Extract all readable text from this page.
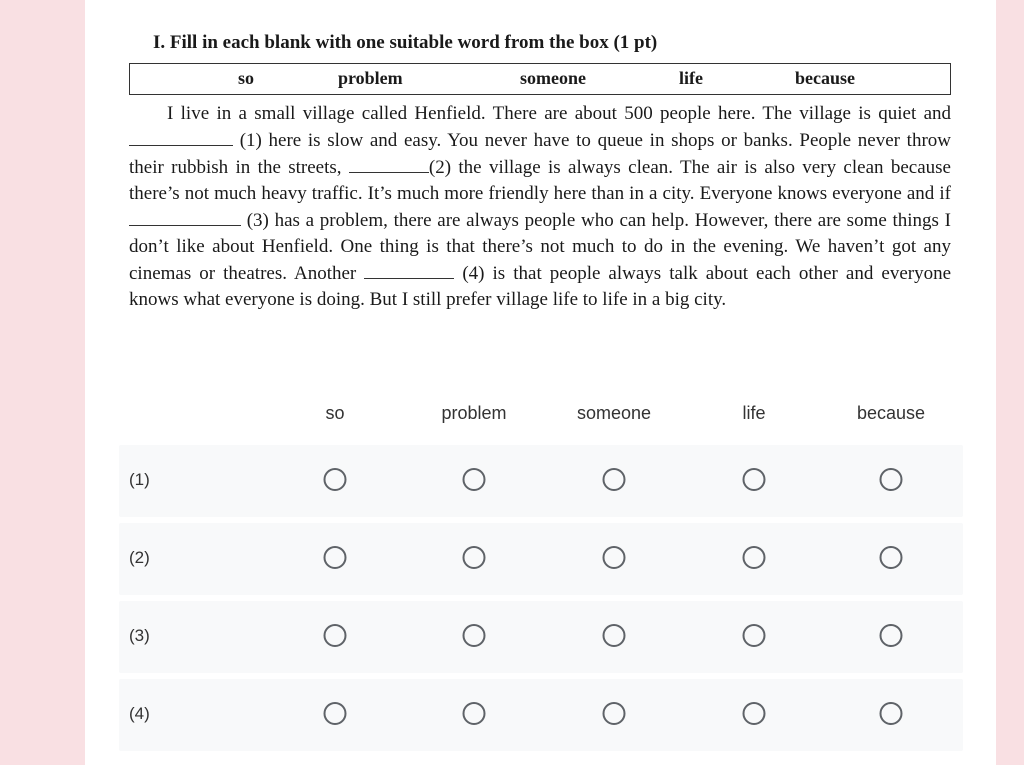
I. Fill in each blank with one suitable word from the box (1 pt)
so	problem	someone	life	because
I live in a small village called Henfield. There are about 500 people here. The village is quiet and  (1) here is slow and easy. You never have to queue in shops or banks. People never throw their rubbish in the streets,	(2) the village is always clean. The air is also very clean because there’s not much heavy traffic. It’s much more friendly here than in a city. Everyone knows everyone and if  (3) has a problem, there are always people who can help. However, there are some things I don’t like about Henfield. One thing is that there’s not much to do in the evening. We haven’t got any cinemas or theatres. Another	(4) is that people always talk about each other and everyone knows what everyone is doing. But I still prefer village life to life in a big city.
so	problem	someone	life	because
(1)
(2)
(3)
(4)
